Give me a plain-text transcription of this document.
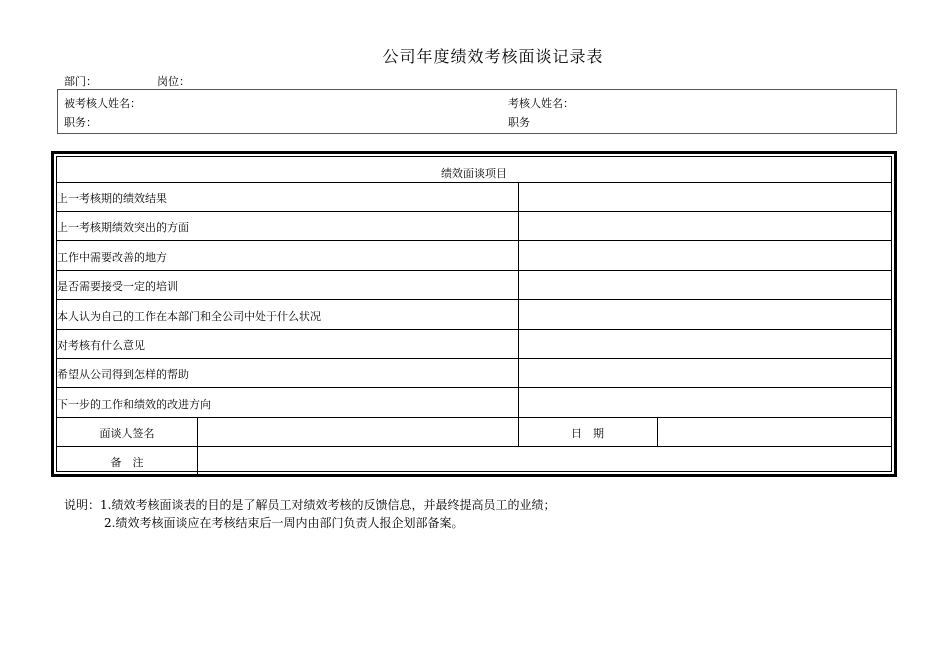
公司年度绩效考核面谈记录表
部门：	岗位：
被考核人姓名：
职务：
考核人姓名：
职务
绩效面谈项目
上一考核期的绩效结果
上一考核期绩效突出的方面
工作中需要改善的地方
是否需要接受一定的培训
本人认为自己的工作在本部门和全公司中处于什么状况
对考核有什么意见
希望从公司得到怎样的帮助
下一步的工作和绩效的改进方向
面谈人签名	日　期
备　注
说明：1.绩效考核面谈表的目的是了解员工对绩效考核的反馈信息，并最终提高员工的业绩；
2.绩效考核面谈应在考核结束后一周内由部门负责人报企划部备案。
